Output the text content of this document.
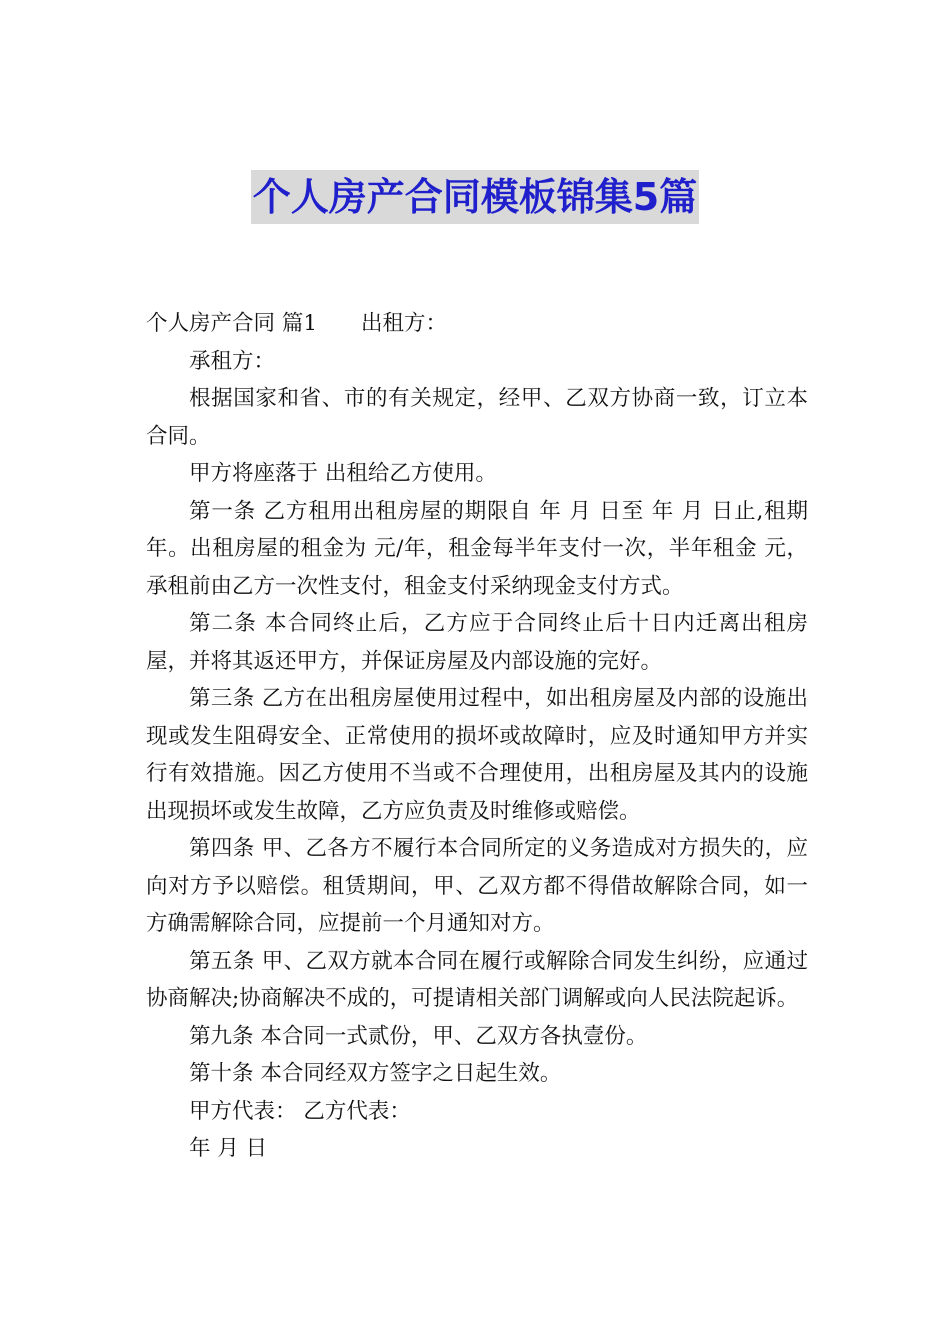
个人房产合同模板锦集5篇

个人房产合同 篇1 出租方：

承租方：

根据国家和省、市的有关规定，经甲、乙双方协商一致，订立本合同。

甲方将座落于 出租给乙方使用。

第一条 乙方租用出租房屋的期限自 年 月 日至 年 月 日止,租期 年。出租房屋的租金为 元/年，租金每半年支付一次，半年租金 元，承租前由乙方一次性支付，租金支付采纳现金支付方式。

第二条 本合同终止后，乙方应于合同终止后十日内迁离出租房屋，并将其返还甲方，并保证房屋及内部设施的完好。

第三条 乙方在出租房屋使用过程中，如出租房屋及内部的设施出现或发生阻碍安全、正常使用的损坏或故障时，应及时通知甲方并实行有效措施。因乙方使用不当或不合理使用，出租房屋及其内的设施出现损坏或发生故障，乙方应负责及时维修或赔偿。

第四条 甲、乙各方不履行本合同所定的义务造成对方损失的，应向对方予以赔偿。租赁期间，甲、乙双方都不得借故解除合同，如一方确需解除合同，应提前一个月通知对方。

第五条 甲、乙双方就本合同在履行或解除合同发生纠纷，应通过协商解决;协商解决不成的，可提请相关部门调解或向人民法院起诉。

第九条 本合同一式贰份，甲、乙双方各执壹份。

第十条 本合同经双方签字之日起生效。

甲方代表： 乙方代表：

年 月 日
